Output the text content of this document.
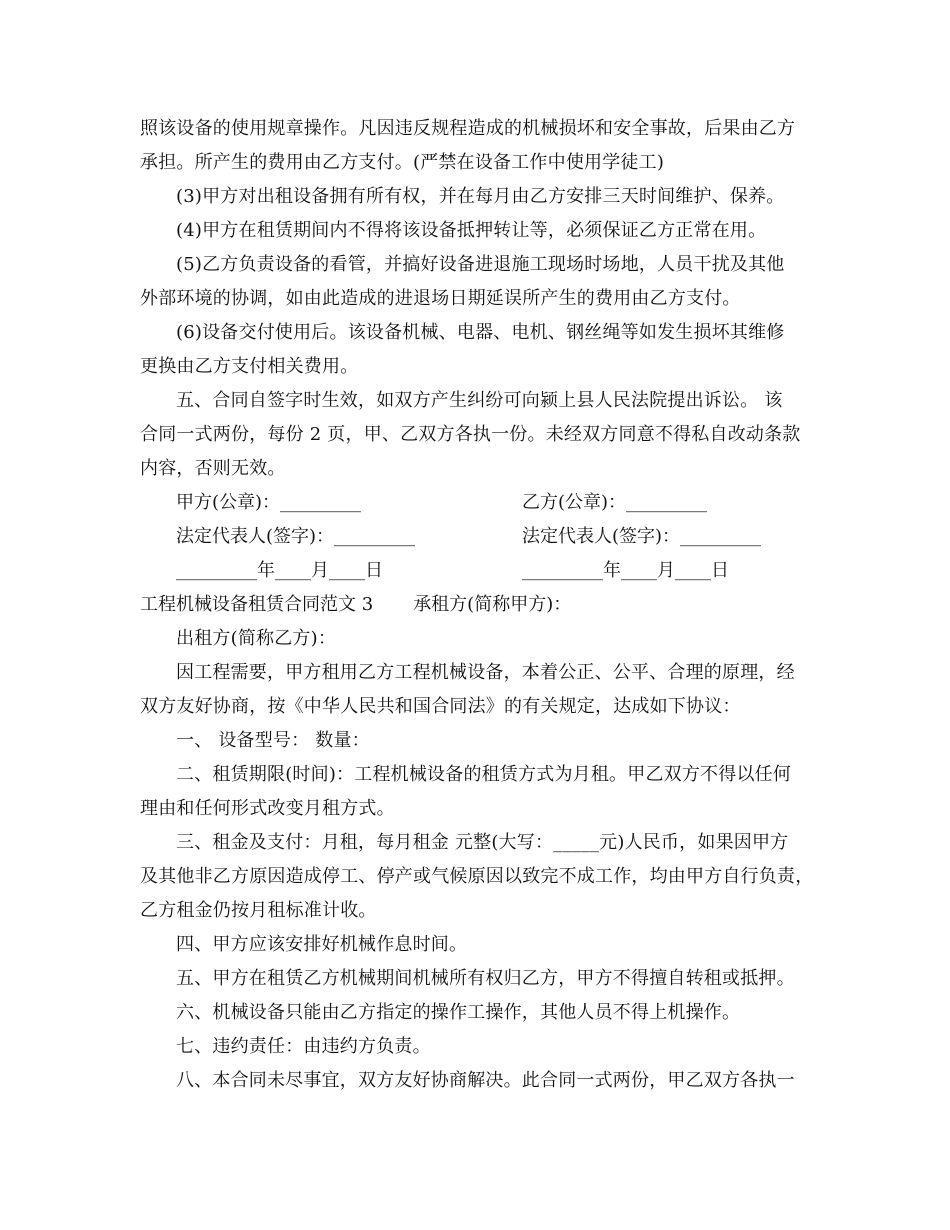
照该设备的使用规章操作。凡因违反规程造成的机械损坏和安全事故，后果由乙方
承担。所产生的费用由乙方支付。(严禁在设备工作中使用学徒工)
(3)甲方对出租设备拥有所有权，并在每月由乙方安排三天时间维护、保养。
(4)甲方在租赁期间内不得将该设备抵押转让等，必须保证乙方正常在用。
(5)乙方负责设备的看管，并搞好设备进退施工现场时场地，人员干扰及其他
外部环境的协调，如由此造成的进退场日期延误所产生的费用由乙方支付。
(6)设备交付使用后。该设备机械、电器、电机、钢丝绳等如发生损坏其维修
更换由乙方支付相关费用。
五、合同自签字时生效，如双方产生纠纷可向颍上县人民法院提出诉讼。 该
合同一式两份，每份 2 页，甲、乙双方各执一份。未经双方同意不得私自改动条款
内容，否则无效。
甲方(公章)：_________	乙方(公章)：_________
法定代表人(签字)：_________	法定代表人(签字)：_________
_________年____月____日	_________年____月____日
工程机械设备租赁合同范文 3 承租方(简称甲方)：
出租方(简称乙方)：
因工程需要，甲方租用乙方工程机械设备，本着公正、公平、合理的原理，经
双方友好协商，按《中华人民共和国合同法》的有关规定，达成如下协议：
一、 设备型号： 数量：
二、租赁期限(时间)：工程机械设备的租赁方式为月租。甲乙双方不得以任何
理由和任何形式改变月租方式。
三、租金及支付：月租，每月租金 元整(大写：_____元)人民币，如果因甲方
及其他非乙方原因造成停工、停产或气候原因以致完不成工作，均由甲方自行负责，
乙方租金仍按月租标准计收。
四、甲方应该安排好机械作息时间。
五、甲方在租赁乙方机械期间机械所有权归乙方，甲方不得擅自转租或抵押。
六、机械设备只能由乙方指定的操作工操作，其他人员不得上机操作。
七、违约责任：由违约方负责。
八、本合同未尽事宜，双方友好协商解决。此合同一式两份，甲乙双方各执一
